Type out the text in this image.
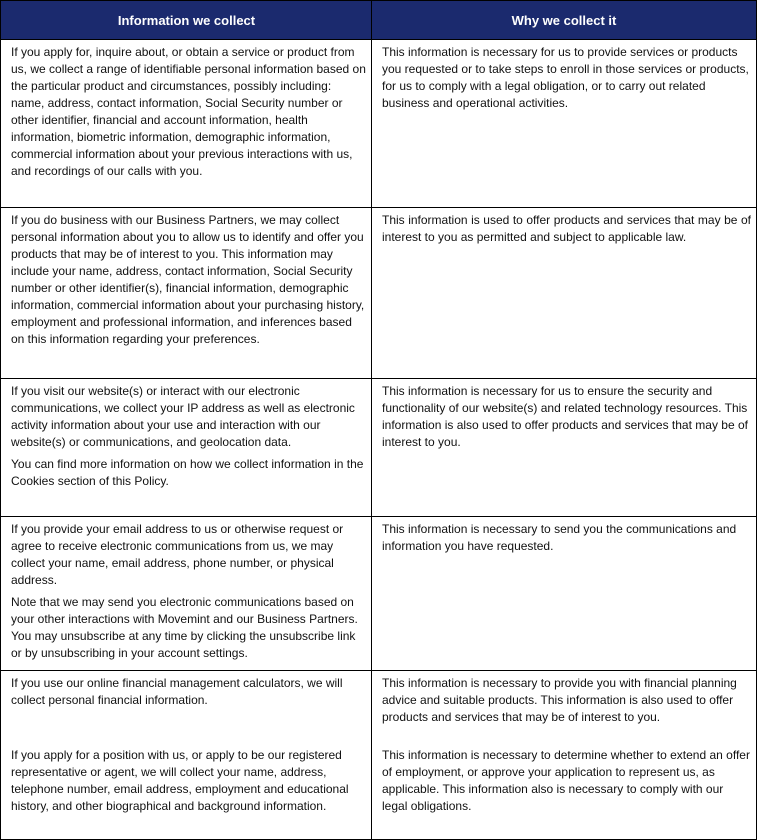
Information we collect	Why we collect it

If you apply for, inquire about, or obtain a service or product from us, we collect a range of identifiable personal information based on the particular product and circumstances, possibly including: name, address, contact information, Social Security number or other identifier, financial and account information, health information, biometric information, demographic information, commercial information about your previous interactions with us, and recordings of our calls with you.

This information is necessary for us to provide services or products you requested or to take steps to enroll in those services or products, for us to comply with a legal obligation, or to carry out related business and operational activities.

If you do business with our Business Partners, we may collect personal information about you to allow us to identify and offer you products that may be of interest to you. This information may include your name, address, contact information, Social Security number or other identifier(s), financial information, demographic information, commercial information about your purchasing history, employment and professional information, and inferences based on this information regarding your preferences.

This information is used to offer products and services that may be of interest to you as permitted and subject to applicable law.

If you visit our website(s) or interact with our electronic communications, we collect your IP address as well as electronic activity information about your use and interaction with our website(s) or communications, and geolocation data.

You can find more information on how we collect information in the Cookies section of this Policy.

This information is necessary for us to ensure the security and functionality of our website(s) and related technology resources. This information is also used to offer products and services that may be of interest to you.

If you provide your email address to us or otherwise request or agree to receive electronic communications from us, we may collect your name, email address, phone number, or physical address.

Note that we may send you electronic communications based on your other interactions with Movemint and our Business Partners. You may unsubscribe at any time by clicking the unsubscribe link or by unsubscribing in your account settings.

This information is necessary to send you the communications and information you have requested.

If you use our online financial management calculators, we will collect personal financial information.

If you apply for a position with us, or apply to be our registered representative or agent, we will collect your name, address, telephone number, email address, employment and educational history, and other biographical and background information.

This information is necessary to provide you with financial planning advice and suitable products. This information is also used to offer products and services that may be of interest to you.

This information is necessary to determine whether to extend an offer of employment, or approve your application to represent us, as applicable. This information also is necessary to comply with our legal obligations.
